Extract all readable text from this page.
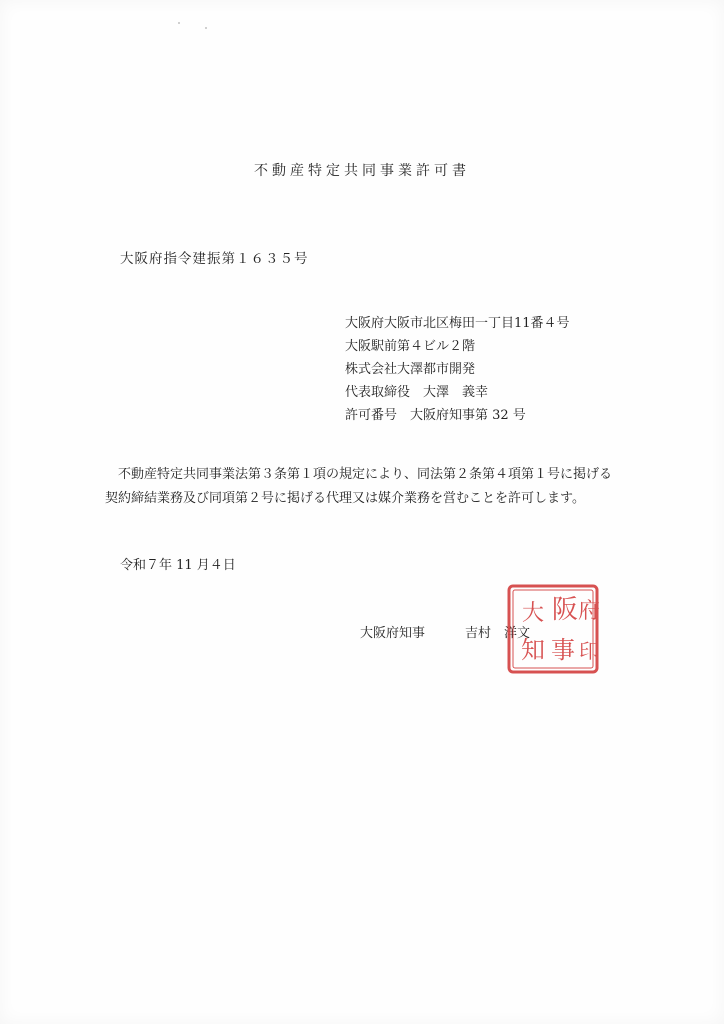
不動産特定共同事業許可書
大阪府指令建振第１６３５号
大阪府大阪市北区梅田一丁目11番４号
大阪駅前第４ビル２階
株式会社大澤都市開発
代表取締役　大澤　義幸
許可番号　大阪府知事第 32 号
不動産特定共同事業法第３条第１項の規定により、同法第２条第４項第１号に掲げる
契約締結業務及び同項第２号に掲げる代理又は媒介業務を営むことを許可します。
令和７年 11 月４日
大阪府知事	吉村　洋文
阪 府
大
知 事 印
